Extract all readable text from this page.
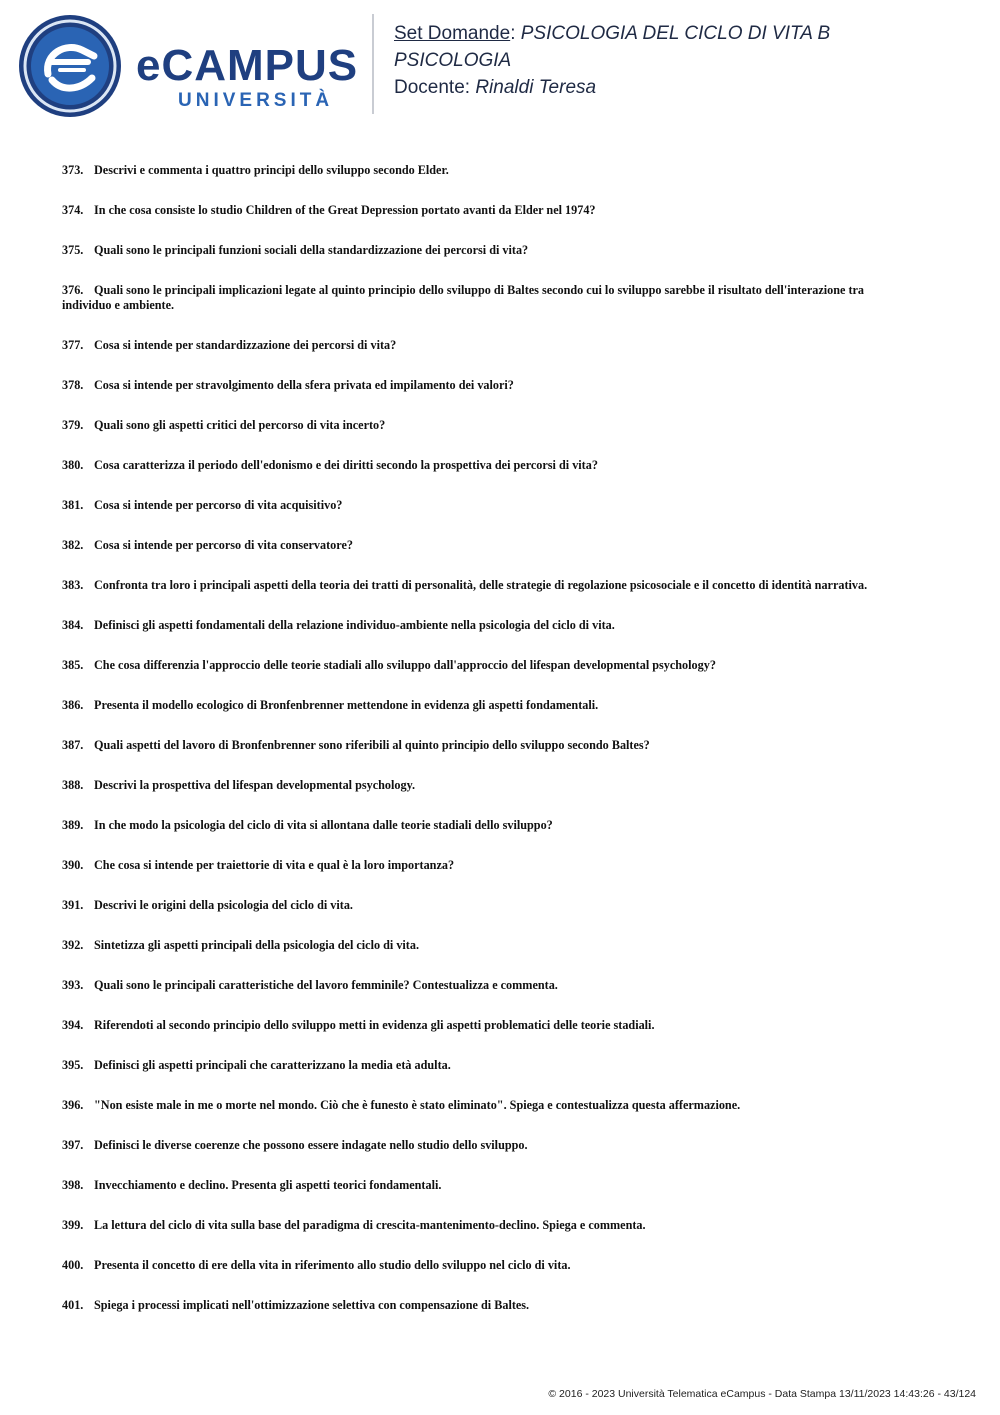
eCAMPUS
UNIVERSITÀ
Set Domande: PSICOLOGIA DEL CICLO DI VITA B
PSICOLOGIA
Docente: Rinaldi Teresa
373. Descrivi e commenta i quattro principi dello sviluppo secondo Elder.
374. In che cosa consiste lo studio Children of the Great Depression portato avanti da Elder nel 1974?
375. Quali sono le principali funzioni sociali della standardizzazione dei percorsi di vita?
376. Quali sono le principali implicazioni legate al quinto principio dello sviluppo di Baltes secondo cui lo sviluppo sarebbe il risultato dell'interazione tra individuo e ambiente.
377. Cosa si intende per standardizzazione dei percorsi di vita?
378. Cosa si intende per stravolgimento della sfera privata ed impilamento dei valori?
379. Quali sono gli aspetti critici del percorso di vita incerto?
380. Cosa caratterizza il periodo dell'edonismo e dei diritti secondo la prospettiva dei percorsi di vita?
381. Cosa si intende per percorso di vita acquisitivo?
382. Cosa si intende per percorso di vita conservatore?
383. Confronta tra loro i principali aspetti della teoria dei tratti di personalità, delle strategie di regolazione psicosociale e il concetto di identità narrativa.
384. Definisci gli aspetti fondamentali della relazione individuo-ambiente nella psicologia del ciclo di vita.
385. Che cosa differenzia l'approccio delle teorie stadiali allo sviluppo dall'approccio del lifespan developmental psychology?
386. Presenta il modello ecologico di Bronfenbrenner mettendone in evidenza gli aspetti fondamentali.
387. Quali aspetti del lavoro di Bronfenbrenner sono riferibili al quinto principio dello sviluppo secondo Baltes?
388. Descrivi la prospettiva del lifespan developmental psychology.
389. In che modo la psicologia del ciclo di vita si allontana dalle teorie stadiali dello sviluppo?
390. Che cosa si intende per traiettorie di vita e qual è la loro importanza?
391. Descrivi le origini della psicologia del ciclo di vita.
392. Sintetizza gli aspetti principali della psicologia del ciclo di vita.
393. Quali sono le principali caratteristiche del lavoro femminile? Contestualizza e commenta.
394. Riferendoti al secondo principio dello sviluppo metti in evidenza gli aspetti problematici delle teorie stadiali.
395. Definisci gli aspetti principali che caratterizzano la media età adulta.
396. "Non esiste male in me o morte nel mondo. Ciò che è funesto è stato eliminato". Spiega e contestualizza questa affermazione.
397. Definisci le diverse coerenze che possono essere indagate nello studio dello sviluppo.
398. Invecchiamento e declino. Presenta gli aspetti teorici fondamentali.
399. La lettura del ciclo di vita sulla base del paradigma di crescita-mantenimento-declino. Spiega e commenta.
400. Presenta il concetto di ere della vita in riferimento allo studio dello sviluppo nel ciclo di vita.
401. Spiega i processi implicati nell'ottimizzazione selettiva con compensazione di Baltes.
© 2016 - 2023 Università Telematica eCampus - Data Stampa 13/11/2023 14:43:26 - 43/124
